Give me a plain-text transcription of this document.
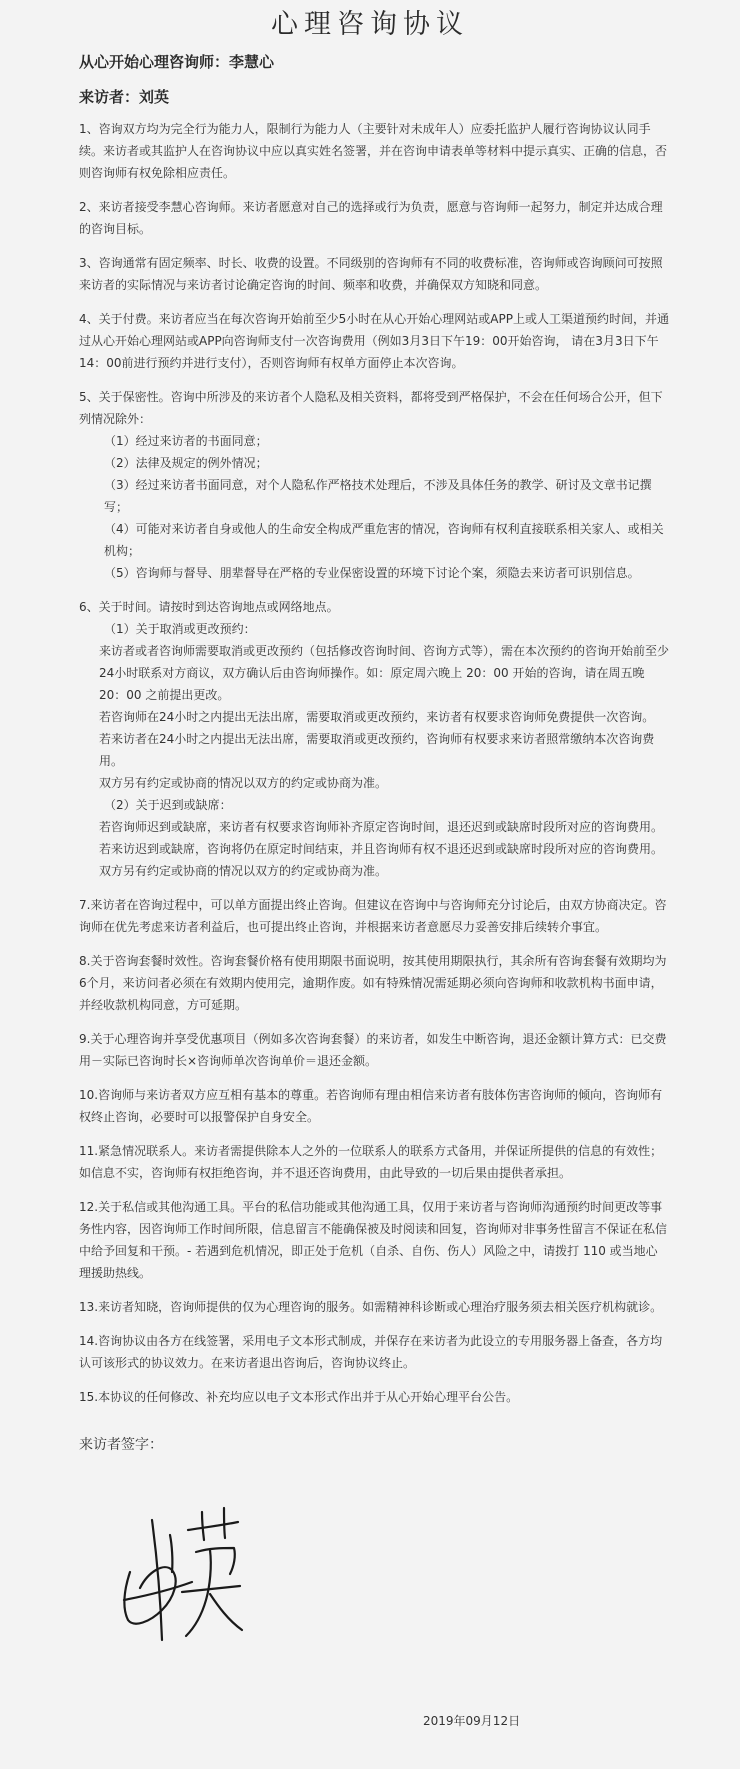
心理咨询协议
从心开始心理咨询师：李慧心
来访者：刘英

1、咨询双方均为完全行为能力人，限制行为能力人（主要针对未成年人）应委托监护人履行咨询协议认同手续。来访者或其监护人在咨询协议中应以真实姓名签署，并在咨询申请表单等材料中提示真实、正确的信息，否则咨询师有权免除相应责任。

2、来访者接受李慧心咨询师。来访者愿意对自己的选择或行为负责，愿意与咨询师一起努力，制定并达成合理的咨询目标。

3、咨询通常有固定频率、时长、收费的设置。不同级别的咨询师有不同的收费标准，咨询师或咨询顾问可按照来访者的实际情况与来访者讨论确定咨询的时间、频率和收费，并确保双方知晓和同意。

4、关于付费。来访者应当在每次咨询开始前至少5小时在从心开始心理网站或APP上或人工渠道预约时间，并通过从心开始心理网站或APP向咨询师支付一次咨询费用（例如3月3日下午19：00开始咨询， 请在3月3日下午14：00前进行预约并进行支付），否则咨询师有权单方面停止本次咨询。

5、关于保密性。咨询中所涉及的来访者个人隐私及相关资料，都将受到严格保护，不会在任何场合公开，但下列情况除外：

（1）经过来访者的书面同意；

（2）法律及规定的例外情况；

（3）经过来访者书面同意，对个人隐私作严格技术处理后，不涉及具体任务的教学、研讨及文章书记撰写；

（4）可能对来访者自身或他人的生命安全构成严重危害的情况，咨询师有权利直接联系相关家人、或相关机构；

（5）咨询师与督导、朋辈督导在严格的专业保密设置的环境下讨论个案，须隐去来访者可识别信息。

6、关于时间。请按时到达咨询地点或网络地点。

（1）关于取消或更改预约：

来访者或者咨询师需要取消或更改预约（包括修改咨询时间、咨询方式等），需在本次预约的咨询开始前至少24小时联系对方商议，双方确认后由咨询师操作。如：原定周六晚上 20：00 开始的咨询，请在周五晚 20：00 之前提出更改。

若咨询师在24小时之内提出无法出席，需要取消或更改预约，来访者有权要求咨询师免费提供一次咨询。

若来访者在24小时之内提出无法出席，需要取消或更改预约，咨询师有权要求来访者照常缴纳本次咨询费用。

双方另有约定或协商的情况以双方的约定或协商为准。

（2）关于迟到或缺席：

若咨询师迟到或缺席，来访者有权要求咨询师补齐原定咨询时间，退还迟到或缺席时段所对应的咨询费用。

若来访迟到或缺席，咨询将仍在原定时间结束，并且咨询师有权不退还迟到或缺席时段所对应的咨询费用。

双方另有约定或协商的情况以双方的约定或协商为准。

7.来访者在咨询过程中，可以单方面提出终止咨询。但建议在咨询中与咨询师充分讨论后，由双方协商决定。咨询师在优先考虑来访者利益后，也可提出终止咨询，并根据来访者意愿尽力妥善安排后续转介事宜。

8.关于咨询套餐时效性。咨询套餐价格有使用期限书面说明，按其使用期限执行，其余所有咨询套餐有效期均为6个月，来访问者必须在有效期内使用完，逾期作废。如有特殊情况需延期必须向咨询师和收款机构书面申请，并经收款机构同意，方可延期。

9.关于心理咨询并享受优惠项目（例如多次咨询套餐）的来访者，如发生中断咨询，退还金额计算方式：已交费用－实际已咨询时长×咨询师单次咨询单价＝退还金额。

10.咨询师与来访者双方应互相有基本的尊重。若咨询师有理由相信来访者有肢体伤害咨询师的倾向，咨询师有权终止咨询，必要时可以报警保护自身安全。

11.紧急情况联系人。来访者需提供除本人之外的一位联系人的联系方式备用，并保证所提供的信息的有效性；如信息不实，咨询师有权拒绝咨询，并不退还咨询费用，由此导致的一切后果由提供者承担。

12.关于私信或其他沟通工具。平台的私信功能或其他沟通工具，仅用于来访者与咨询师沟通预约时间更改等事务性内容，因咨询师工作时间所限，信息留言不能确保被及时阅读和回复，咨询师对非事务性留言不保证在私信中给予回复和干预。- 若遇到危机情况，即正处于危机（自杀、自伤、伤人）风险之中，请拨打 110 或当地心理援助热线。

13.来访者知晓，咨询师提供的仅为心理咨询的服务。如需精神科诊断或心理治疗服务须去相关医疗机构就诊。

14.咨询协议由各方在线签署，采用电子文本形式制成，并保存在来访者为此设立的专用服务器上备查，各方均认可该形式的协议效力。在来访者退出咨询后，咨询协议终止。

15.本协议的任何修改、补充均应以电子文本形式作出并于从心开始心理平台公告。

来访者签字：
2019年09月12日
